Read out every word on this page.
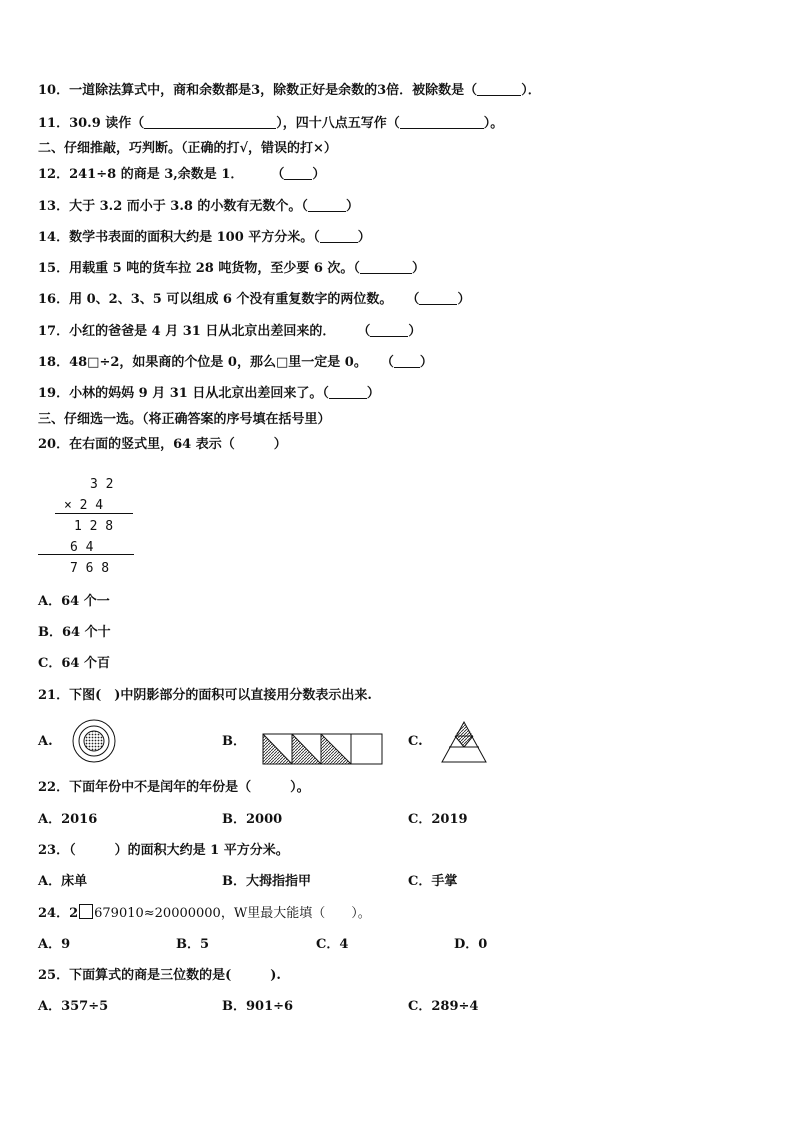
10．一道除法算式中，商和余数都是3，除数正好是余数的3倍．被除数是（	）．
11．30.9 读作（	），四十八点五写作（	）。
二、仔细推敲，巧判断。（正确的打√，错误的打×）
12．241÷8 的商是 3,余数是 1． （ ）
13．大于 3.2 而小于 3.8 的小数有无数个。（	）
14．数学书表面的面积大约是 100 平方分米。（	）
15．用载重 5 吨的货车拉 28 吨货物，至少要 6 次。（	）
16．用 0、2、3、5 可以组成 6 个没有重复数字的两位数。 （	）
17．小红的爸爸是 4 月 31 日从北京出差回来的． （	）
18．48□÷2，如果商的个位是 0，那么□里一定是 0。 （ ）
19．小林的妈妈 9 月 31 日从北京出差回来了。（	）
三、仔细选一选。（将正确答案的序号填在括号里）
20．在右面的竖式里，64 表示（　　　）
3 2
× 2 4
1 2 8
6 4
7 6 8
A．64 个一
B．64 个十
C．64 个百
21．下图(　)中阴影部分的面积可以直接用分数表示出来.
A.	B．	C.
22．下面年份中不是闰年的年份是（　　　）。
A．2016	B．2000	C．2019
23．（　　　）的面积大约是 1 平方分米。
A．床单	B．大拇指指甲	C．手掌
24．2 679010≈20000000，W里最大能填（　　）。
A．9	B．5	C．4	D．0
25．下面算式的商是三位数的是(　　　).
A．357÷5	B．901÷6	C．289÷4
